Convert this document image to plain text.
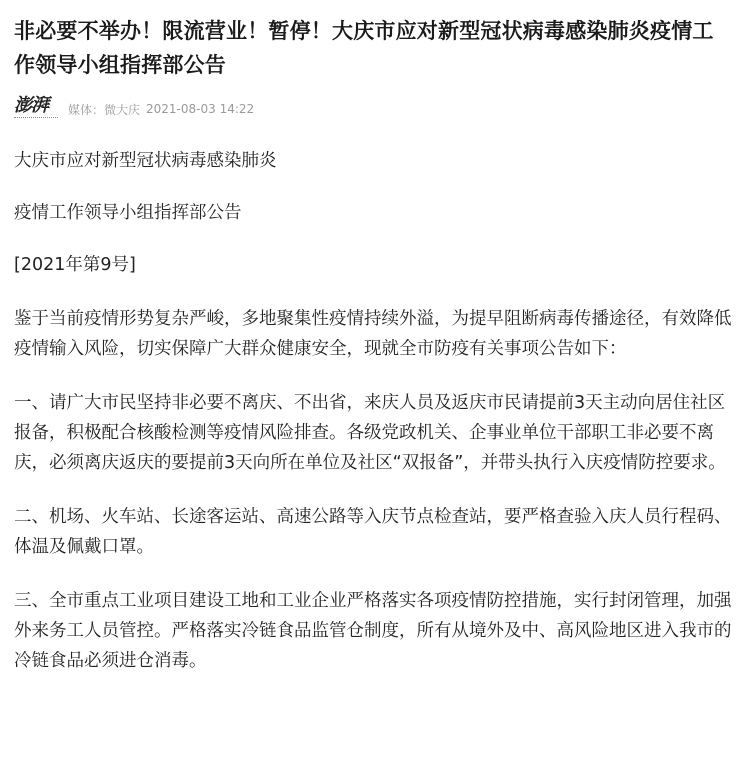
非必要不举办！限流营业！暂停！大庆市应对新型冠状病毒感染肺炎疫情工作领导小组指挥部公告
澎湃	媒体：微大庆 2021-08-03 14:22

大庆市应对新型冠状病毒感染肺炎

疫情工作领导小组指挥部公告

[2021年第9号]

鉴于当前疫情形势复杂严峻，多地聚集性疫情持续外溢，为提早阻断病毒传播途径，有效降低疫情输入风险，切实保障广大群众健康安全，现就全市防疫有关事项公告如下：

一、请广大市民坚持非必要不离庆、不出省，来庆人员及返庆市民请提前3天主动向居住社区报备，积极配合核酸检测等疫情风险排查。各级党政机关、企事业单位干部职工非必要不离庆，必须离庆返庆的要提前3天向所在单位及社区“双报备”，并带头执行入庆疫情防控要求。

二、机场、火车站、长途客运站、高速公路等入庆节点检查站，要严格查验入庆人员行程码、体温及佩戴口罩。

三、全市重点工业项目建设工地和工业企业严格落实各项疫情防控措施，实行封闭管理，加强外来务工人员管控。严格落实冷链食品监管仓制度，所有从境外及中、高风险地区进入我市的冷链食品必须进仓消毒。
